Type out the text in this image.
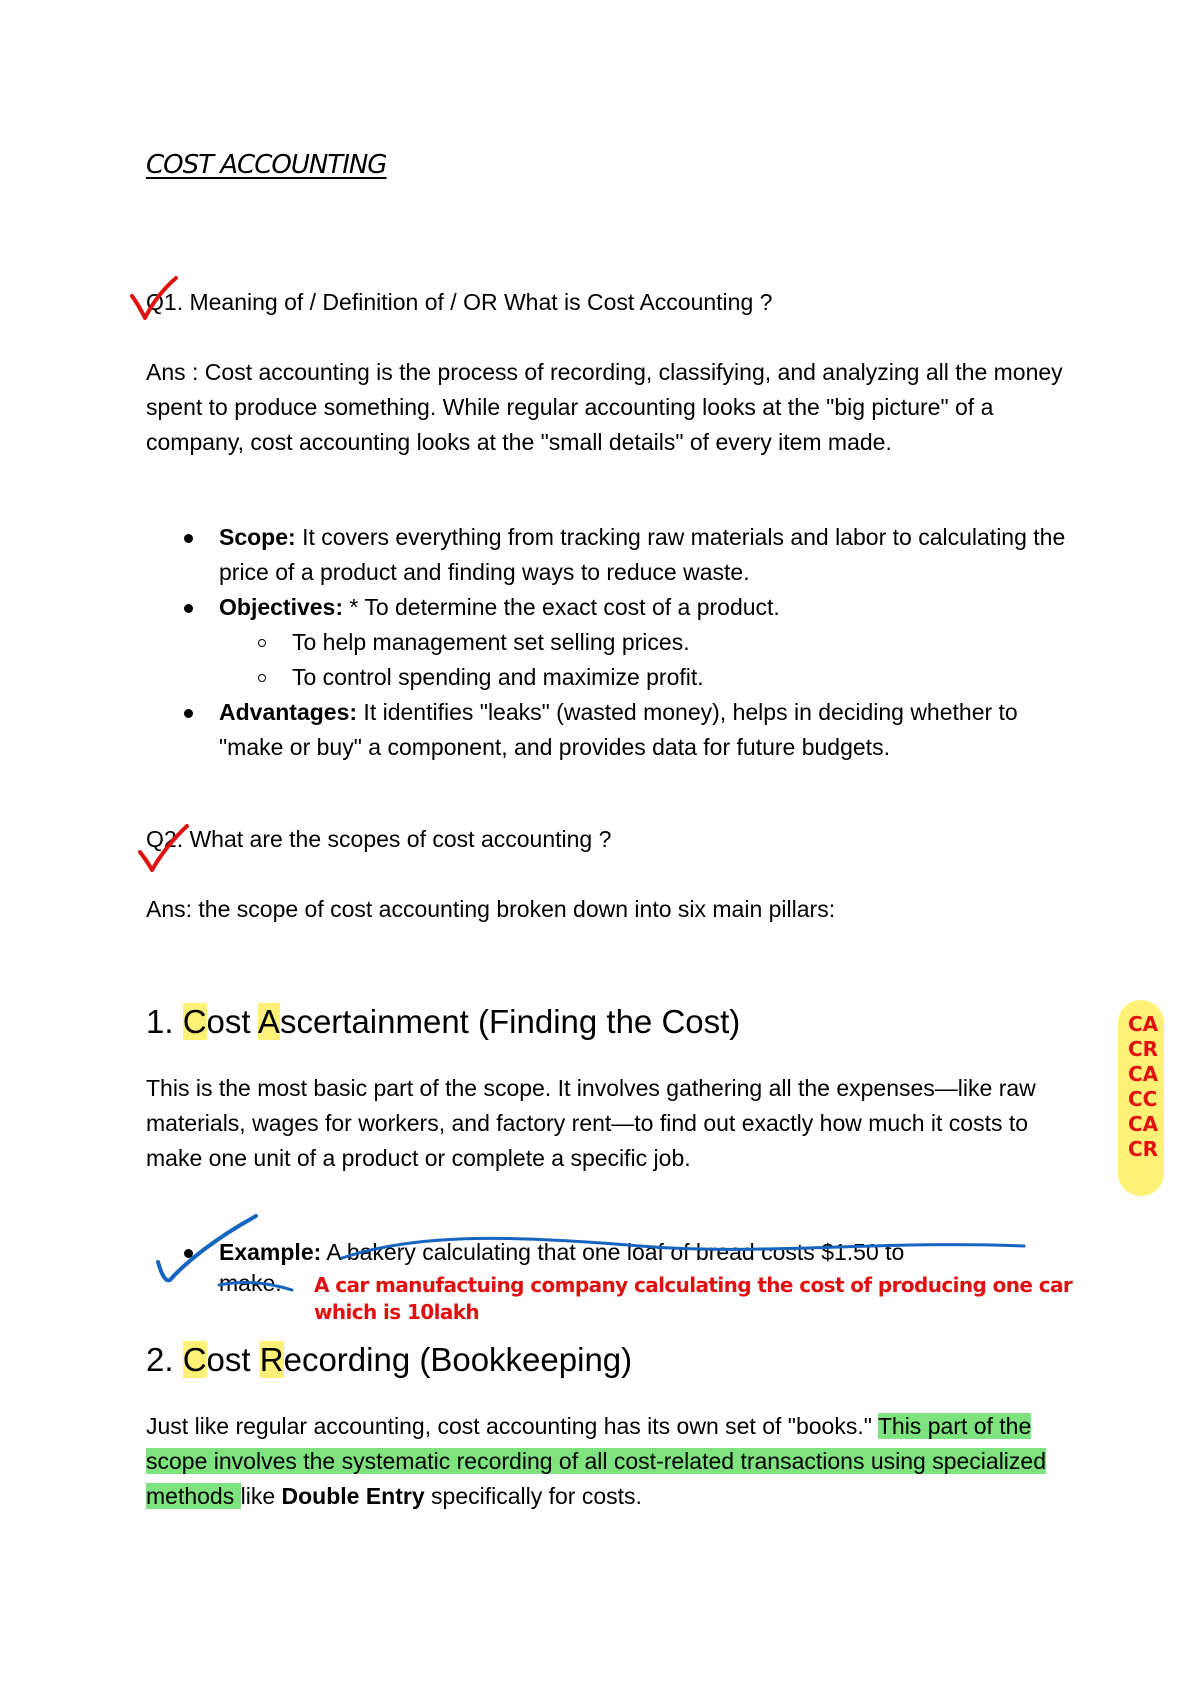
COST ACCOUNTING
Q1. Meaning of / Definition of / OR What is Cost Accounting ?
Ans : Cost accounting is the process of recording, classifying, and analyzing all the money spent to produce something. While regular accounting looks at the "big picture" of a company, cost accounting looks at the "small details" of every item made.
Scope: It covers everything from tracking raw materials and labor to calculating the price of a product and finding ways to reduce waste.
Objectives: * To determine the exact cost of a product.
To help management set selling prices.
To control spending and maximize profit.
Advantages: It identifies "leaks" (wasted money), helps in deciding whether to "make or buy" a component, and provides data for future budgets.
Q2. What are the scopes of cost accounting ?
Ans: the scope of cost accounting broken down into six main pillars:
1. Cost Ascertainment (Finding the Cost)
This is the most basic part of the scope. It involves gathering all the expenses—like raw materials, wages for workers, and factory rent—to find out exactly how much it costs to make one unit of a product or complete a specific job.
Example: A bakery calculating that one loaf of bread costs $1.50 to
make. A car manufactuing company calculating the cost of producing one car
which is 10lakh
2. Cost Recording (Bookkeeping)
Just like regular accounting, cost accounting has its own set of "books." This part of the scope involves the systematic recording of all cost-related transactions using specialized methods like Double Entry specifically for costs.
CA
CR
CA
CC
CA
CR
